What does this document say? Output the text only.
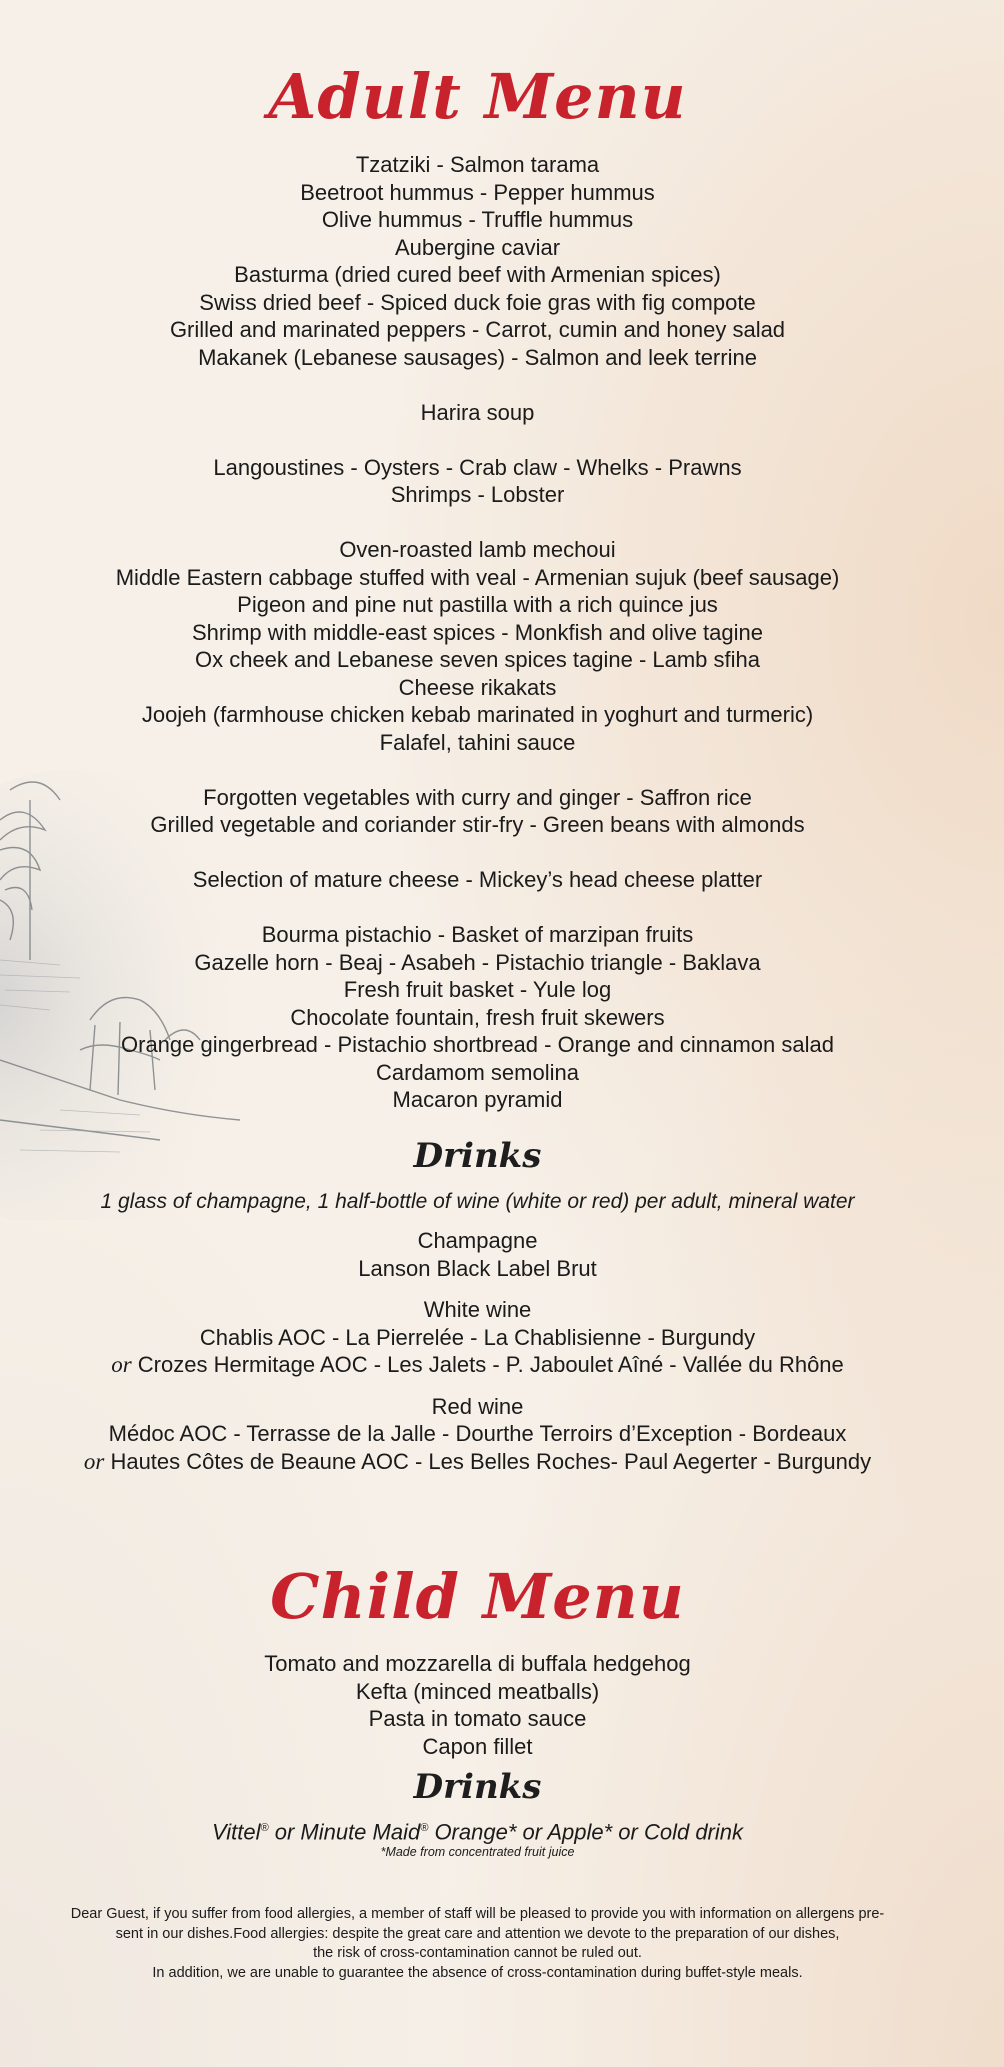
Adult Menu

Tzatziki - Salmon tarama

Beetroot hummus - Pepper hummus

Olive hummus - Truffle hummus

Aubergine caviar

Basturma (dried cured beef with Armenian spices)

Swiss dried beef - Spiced duck foie gras with fig compote

Grilled and marinated peppers - Carrot, cumin and honey salad

Makanek (Lebanese sausages) - Salmon and leek terrine

Harira soup

Langoustines - Oysters - Crab claw - Whelks - Prawns

Shrimps - Lobster

Oven-roasted lamb mechoui

Middle Eastern cabbage stuffed with veal - Armenian sujuk (beef sausage)

Pigeon and pine nut pastilla with a rich quince jus

Shrimp with middle-east spices - Monkfish and olive tagine

Ox cheek and Lebanese seven spices tagine - Lamb sfiha

Cheese rikakats

Joojeh (farmhouse chicken kebab marinated in yoghurt and turmeric)

Falafel, tahini sauce

Forgotten vegetables with curry and ginger - Saffron rice

Grilled vegetable and coriander stir-fry - Green beans with almonds

Selection of mature cheese - Mickey’s head cheese platter

Bourma pistachio - Basket of marzipan fruits

Gazelle horn - Beaj - Asabeh - Pistachio triangle - Baklava

Fresh fruit basket - Yule log

Chocolate fountain, fresh fruit skewers

Orange gingerbread - Pistachio shortbread - Orange and cinnamon salad

Cardamom semolina

Macaron pyramid

Drinks

1 glass of champagne, 1 half-bottle of wine (white or red) per adult, mineral water

Champagne

Lanson Black Label Brut

White wine

Chablis AOC - La Pierrelée - La Chablisienne - Burgundy

or Crozes Hermitage AOC - Les Jalets - P. Jaboulet Aîné - Vallée du Rhône

Red wine

Médoc AOC - Terrasse de la Jalle - Dourthe Terroirs d’Exception - Bordeaux

or Hautes Côtes de Beaune AOC - Les Belles Roches- Paul Aegerter - Burgundy

Child Menu

Tomato and mozzarella di buffala hedgehog

Kefta (minced meatballs)

Pasta in tomato sauce

Capon fillet

Drinks

Vittel® or Minute Maid® Orange* or Apple* or Cold drink

*Made from concentrated fruit juice

Dear Guest, if you suffer from food allergies, a member of staff will be pleased to provide you with information on allergens pre-

sent in our dishes.Food allergies: despite the great care and attention we devote to the preparation of our dishes,

the risk of cross-contamination cannot be ruled out.

In addition, we are unable to guarantee the absence of cross-contamination during buffet-style meals.
